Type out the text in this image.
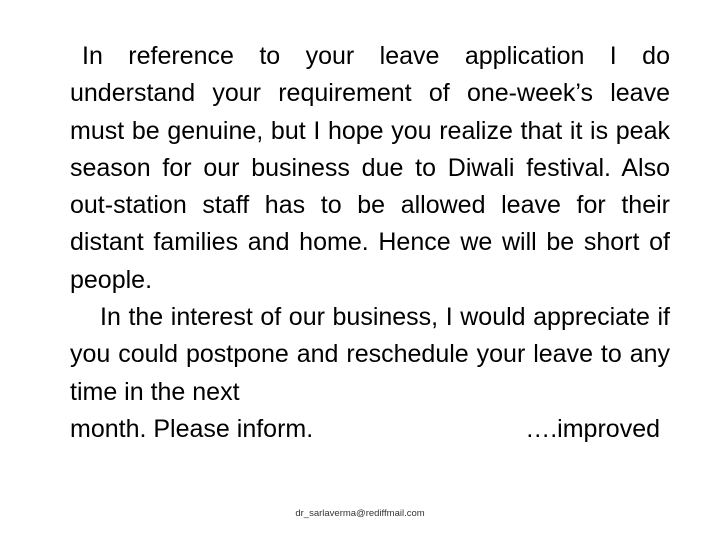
In reference to your leave application I do understand your requirement of one-week’s leave must be genuine, but I hope you realize that it is peak season for our business due to Diwali festival. Also out-station staff has to be allowed leave for their distant families and home. Hence we will be short of people.

In the interest of our business, I would appreciate if you could postpone and reschedule your leave to any time in the next

month. Please inform.	….improved
dr_sarlaverma@rediffmail.com
